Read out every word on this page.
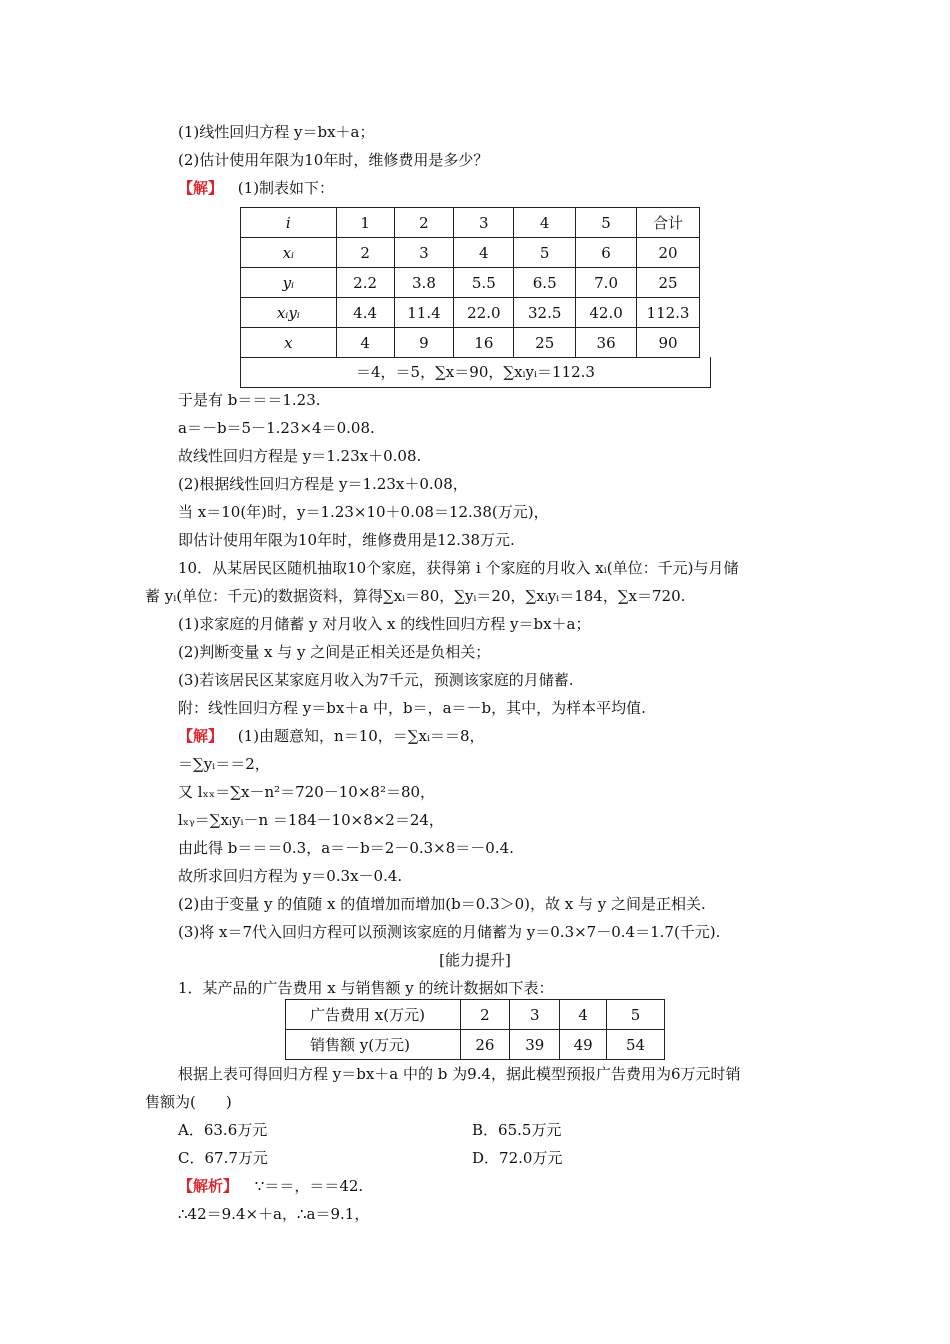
(1)线性回归方程 y＝bx＋a；
(2)估计使用年限为10年时，维修费用是多少？
【解】 (1)制表如下：
i	1	2	3	4	5	合计
xᵢ	2	3	4	5	6	20
yᵢ	2.2	3.8	5.5	6.5	7.0	25
xᵢyᵢ	4.4	11.4	22.0	32.5	42.0	112.3
x	4	9	16	25	36	90
＝4，＝5，∑x＝90，∑xᵢyᵢ＝112.3
于是有 b＝＝＝1.23.
a＝－b＝5－1.23×4＝0.08.
故线性回归方程是 y＝1.23x＋0.08.
(2)根据线性回归方程是 y＝1.23x＋0.08，
当 x＝10(年)时，y＝1.23×10＋0.08＝12.38(万元)，
即估计使用年限为10年时，维修费用是12.38万元.
10．从某居民区随机抽取10个家庭，获得第 i 个家庭的月收入 xᵢ(单位：千元)与月储
蓄 yᵢ(单位：千元)的数据资料，算得∑xᵢ＝80，∑yᵢ＝20，∑xᵢyᵢ＝184，∑x＝720.
(1)求家庭的月储蓄 y 对月收入 x 的线性回归方程 y＝bx＋a；
(2)判断变量 x 与 y 之间是正相关还是负相关；
(3)若该居民区某家庭月收入为7千元，预测该家庭的月储蓄.
附：线性回归方程 y＝bx＋a 中，b＝，a＝－b，其中，为样本平均值.
【解】 (1)由题意知，n＝10，＝∑xᵢ＝＝8，
＝∑yᵢ＝＝2，
又 lₓₓ＝∑x－n²＝720－10×8²＝80，
lₓᵧ＝∑xᵢyᵢ－n ＝184－10×8×2＝24，
由此得 b＝＝＝0.3，a＝－b＝2－0.3×8＝－0.4.
故所求回归方程为 y＝0.3x－0.4.
(2)由于变量 y 的值随 x 的值增加而增加(b＝0.3＞0)，故 x 与 y 之间是正相关.
(3)将 x＝7代入回归方程可以预测该家庭的月储蓄为 y＝0.3×7－0.4＝1.7(千元).
[能力提升]
1．某产品的广告费用 x 与销售额 y 的统计数据如下表：
广告费用 x(万元)	2	3	4	5
销售额 y(万元)	26	39	49	54
根据上表可得回归方程 y＝bx＋a 中的 b 为9.4，据此模型预报广告费用为6万元时销
售额为(　　)
A．63.6万元	B．65.5万元
C．67.7万元	D．72.0万元
【解析】 ∵＝＝，＝＝42.
∴42＝9.4×＋a，∴a＝9.1，
